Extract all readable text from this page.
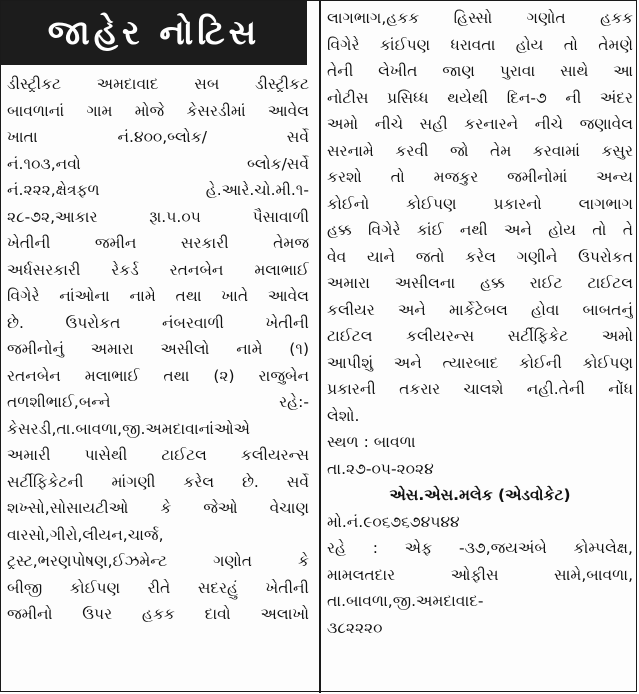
જાહેર નોટિસ
ડીસ્ટ્રીકટ અમદાવાદ સબ ડીસ્ટ્રીકટ
બાવળાનાં ગામ મોજે કેસરડીમાં આવેલ
ખાતા નં.૪૦૦,બ્લોક/ સર્વે
નં.૧૦૩,નવો બ્લોક/સર્વે
નં.૨૨૨,ક્ષેત્રફળ હે.આરે.ચો.મી.૧-
૨૮-૭૨,આકાર રૂા.૫.૦૫ પૈસાવાળી
ખેતીની જમીન સરકારી તેમજ
અર્ધસરકારી રેકર્ડ રતનબેન મલાભાઈ
વિગેરે નાંઓના નામે તથા ખાતે આવેલ
છે. ઉપરોકત નંબરવાળી ખેતીની
જમીનોનું અમારા અસીલો નામે (૧)
રતનબેન મલાભાઈ તથા (૨) રાજુબેન
તળશીભાઈ,બન્ને રહે:-
કેસરડી,તા.બાવળા,જી.અમદાવાનાંઓએ
અમારી પાસેથી ટાઈટલ કલીયરન્સ
સર્ટીફિકેટની માંગણી કરેલ છે. સર્વે
શખ્સો,સોસાયટીઓ કે જેઓ વેચાણ
વારસો,ગીરો,લીયન,ચાર્જ,
ટ્રસ્ટ,ભરણપોષણ,ઈઝમેન્ટ ગણોત કે
બીજી કોઈપણ રીતે સદરહું ખેતીની
જમીનો ઉપર હકક દાવો અલાખો
લાગભાગ,હકક હિસ્સો ગણોત હકક
વિગેરે કાંઈપણ ધરાવતા હોય તો તેમણે
તેની લેખીત જાણ પુરાવા સાથે આ
નોટીસ પ્રસિધ્ધ થયેથી દિન-૭ ની અંદર
અમો નીચે સહી કરનારને નીચે જણાવેલ
સરનામે કરવી જો તેમ કરવામાં કસુર
કરશો તો મજકુર જમીનોમાં અન્ય
કોઈનો કોઈપણ પ્રકારનો લાગભાગ
હક્ક વિગેરે કાંઈ નથી અને હોય તો તે
વેવ યાને જતો કરેલ ગણીને ઉપરોકત
અમારા અસીલના હક્ક રાઈટ ટાઈટલ
કલીયર અને માર્કેટેબલ હોવા બાબતનું
ટાઈટલ કલીયરન્સ સર્ટીફિકેટ અમો
આપીશું અને ત્યારબાદ કોઈની કોઈપણ
પ્રકારની તકરાર ચાલશે નહી.તેની નોંધ
લેશો.
સ્થળ : બાવળા
તા.૨૭-૦૫-૨૦૨૪
એસ.એસ.મલેક (એડવોકેટ)
મો.નં.૯૦૬૭૬૭૪૫૪૪
રહે : એફ -૩૭,જયઅંબે કોમ્પલેક્ષ,
મામલતદાર ઓફીસ સામે,બાવળા,
તા.બાવળા,જી.અમદાવાદ-
૩૮૨૨૨૦
